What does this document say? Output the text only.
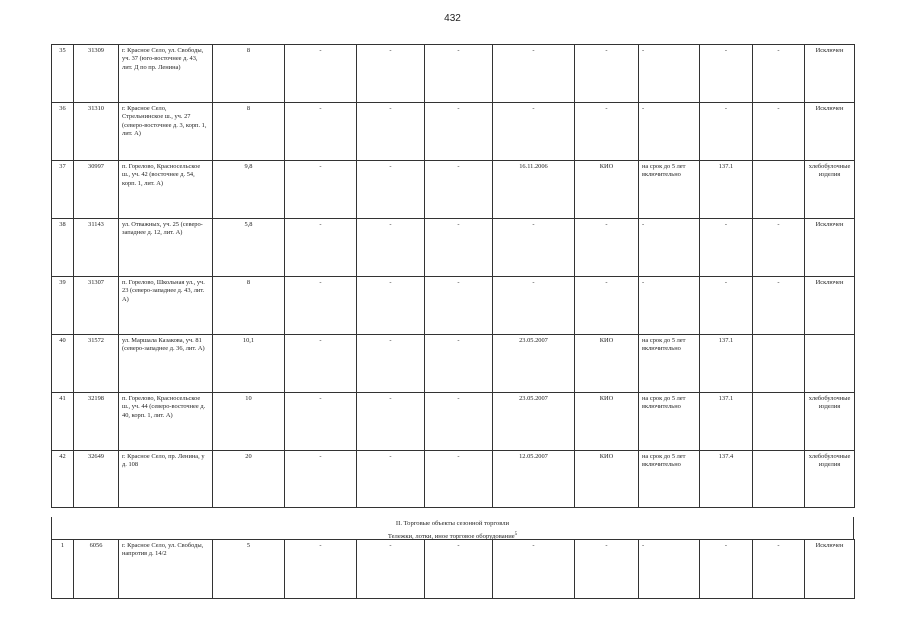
432
35	31309	г. Красное Село, ул. Свободы, уч. 37 (юго-восточнее д. 43, лит. Д по пр. Ленина)	8	-	-	-	-	-	-	-	-	Исключен
36	31310	г. Красное Село, Стрельнинское ш., уч. 27 (северо-восточнее д. 3, корп. 1, лит. А)	8	-	-	-	-	-	-	-	-	Исключен
37	30997	п. Горелово, Красносельское ш., уч. 42 (восточнее д. 54, корп. 1, лит. А)	9,8	-	-	-	16.11.2006	КИО	на срок до 5 лет включительно	137.1		хлебобулочные изделия
38	31143	ул. Отважных, уч. 25 (северо-западнее д. 12, лит. А)	5,8	-	-	-	-	-	-	-	-	Исключен
39	31307	п. Горелово, Школьная ул., уч. 23 (северо-западнее д. 43, лит. А)	8	-	-	-	-	-	-	-	-	Исключен
40	31572	ул. Маршала Казакова, уч. 81 (северо-западнее д. 36, лит. А)	10,1	-	-	-	23.05.2007	КИО	на срок до 5 лет включительно	137.1		
41	32198	п. Горелово, Красносельское ш., уч. 44 (северо-восточнее д. 40, корп. 1, лит. А)	10	-	-	-	23.05.2007	КИО	на срок до 5 лет включительно	137.1		хлебобулочные изделия
42	32649	г. Красное Село, пр. Ленина, у д. 108	20	-	-	-	12.05.2007	КИО	на срок до 5 лет включительно	137.4		хлебобулочные изделия
II. Торговые объекты сезонной торговли
Тележки, лотки, иное торговое оборудование$^5$
1	6056	г. Красное Село, ул. Свободы, напротив д. 14/2	5	-	-	-	-	-	-	-	-	Исключен
